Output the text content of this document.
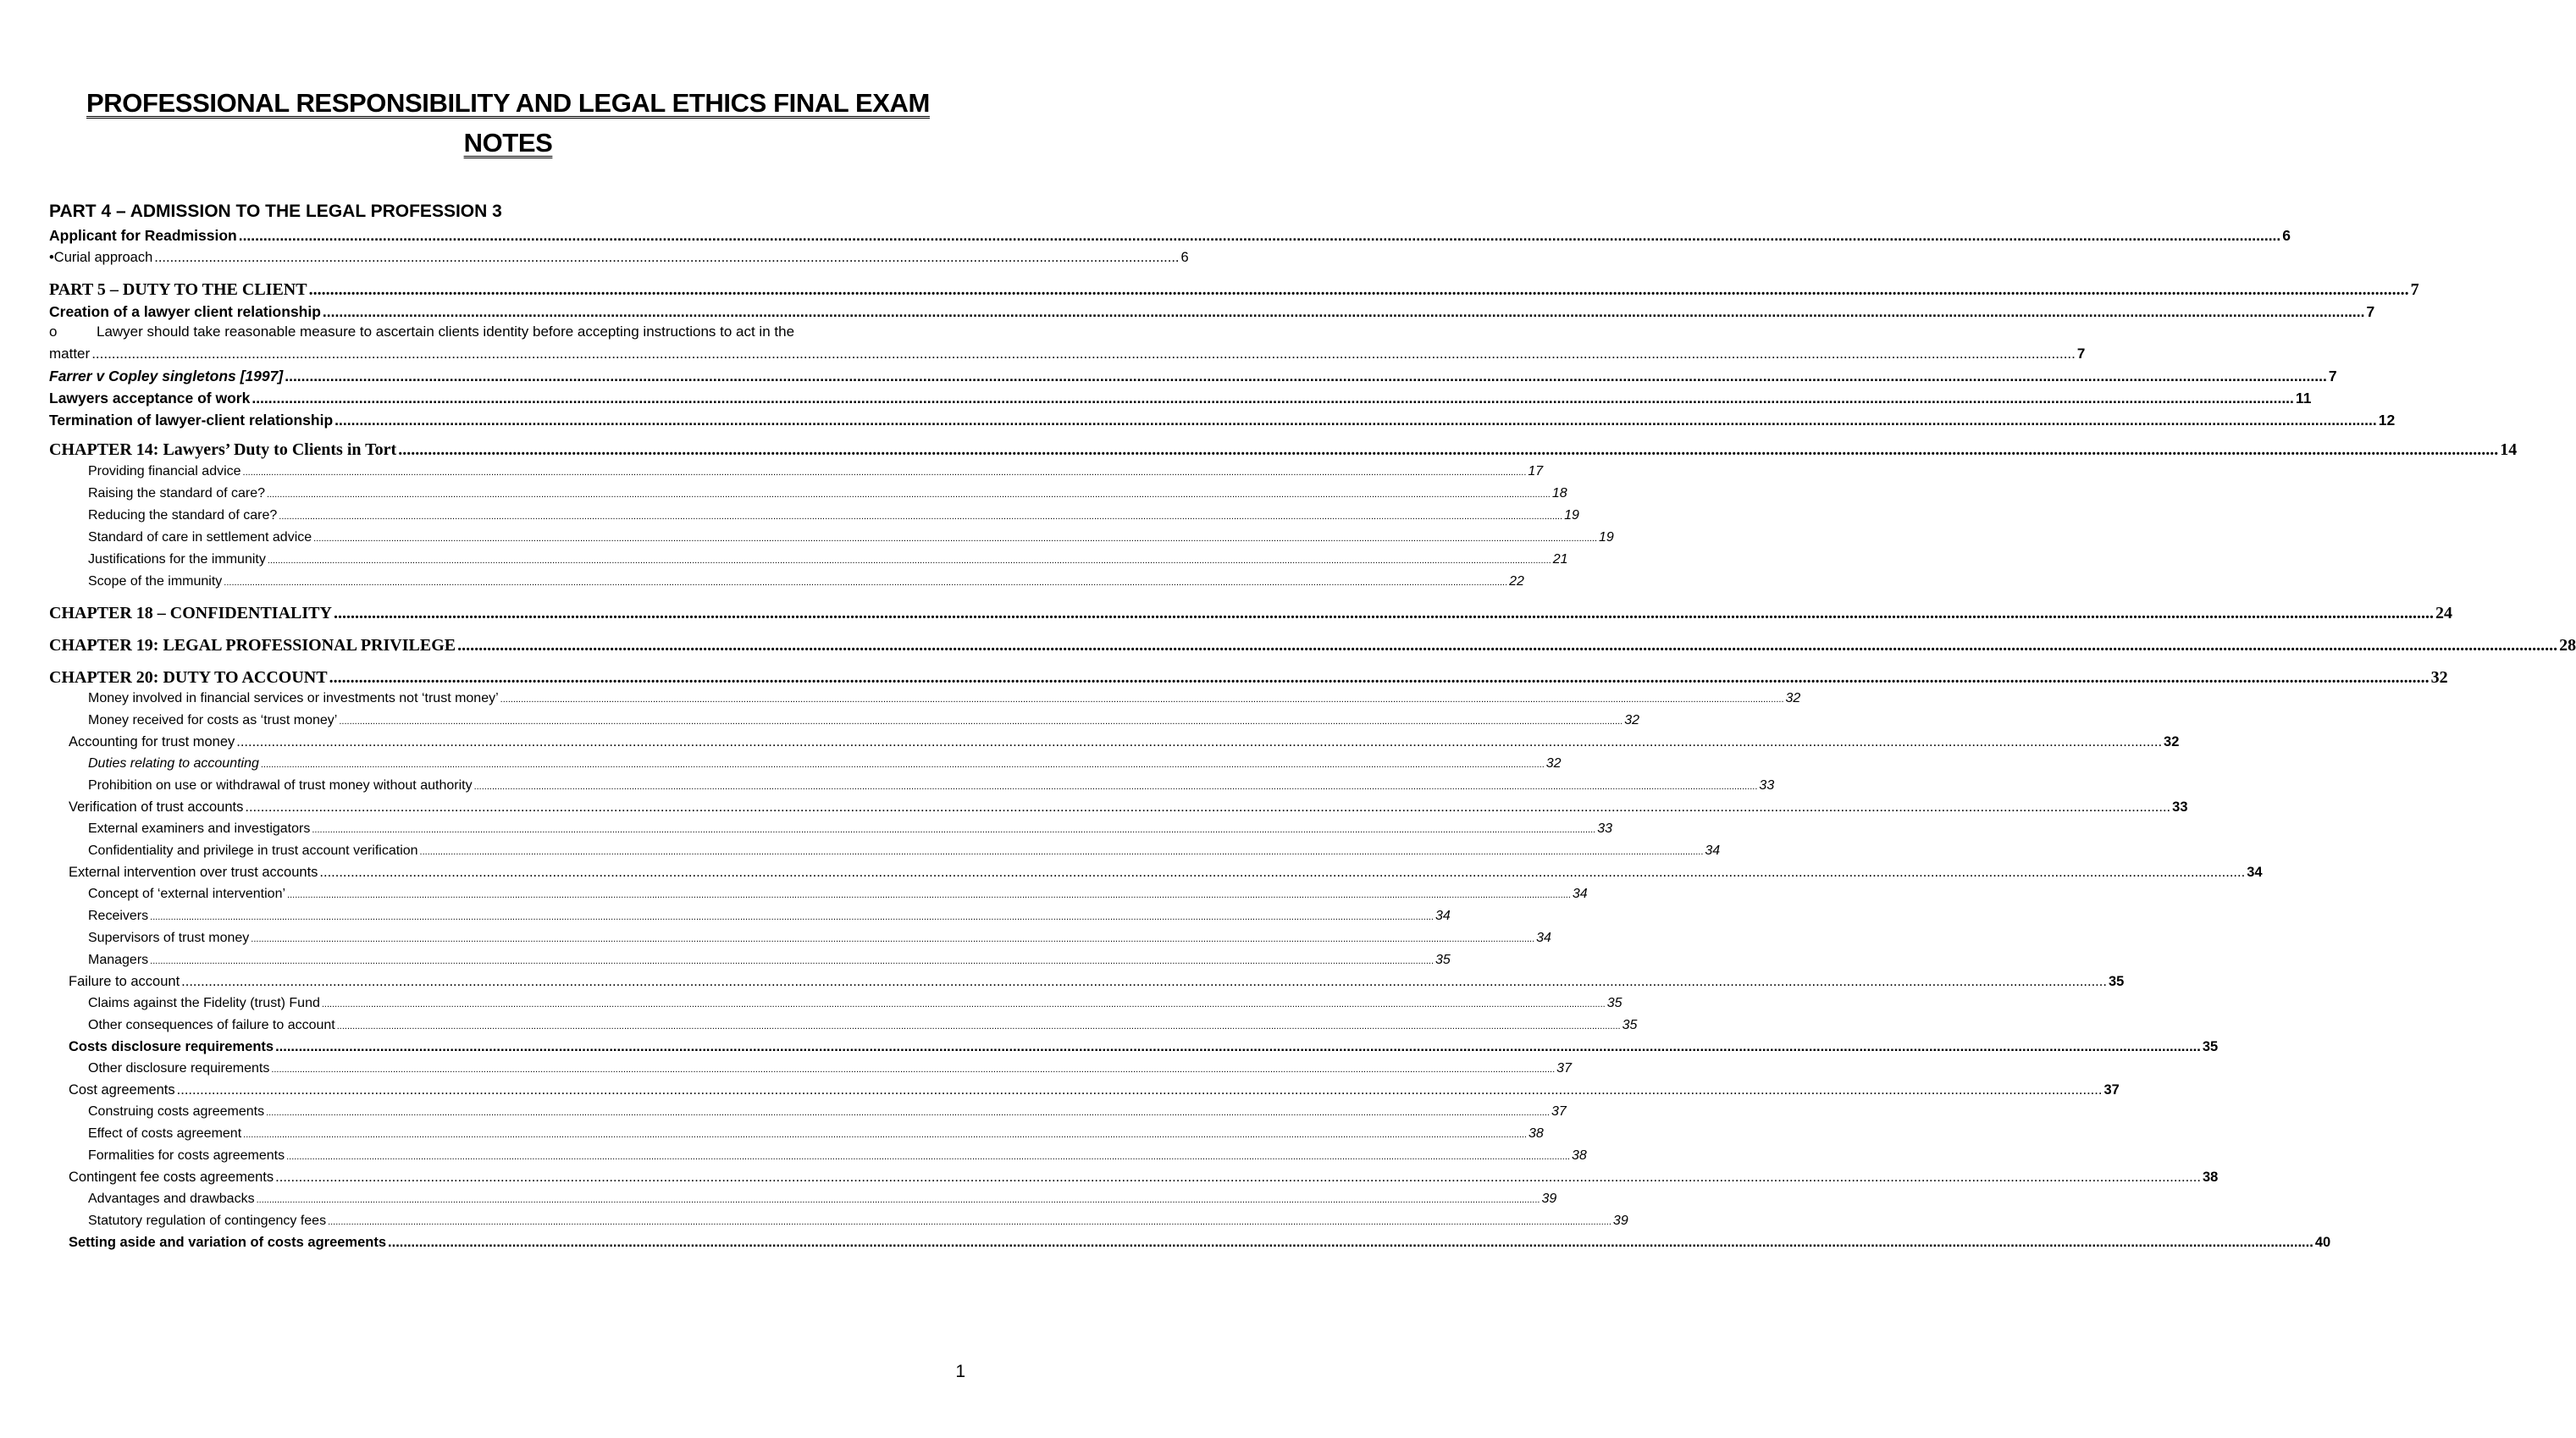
PROFESSIONAL RESPONSIBILITY AND LEGAL ETHICS FINAL EXAM NOTES
PART 4 – ADMISSION TO THE LEGAL PROFESSION 3
Applicant for Readmission .....	6
• Curial approach ........................................................................................................................................................................................................................................................................ 6
PART 5 – DUTY TO THE CLIENT .....	7
Creation of a lawyer client relationship .....	7
o	Lawyer should take reasonable measure to ascertain clients identity before accepting instructions to act in the
matter .....	7
Farrer v Copley singletons [1997] .....	7
Lawyers acceptance of work .....	11
Termination of lawyer-client relationship .....	12
CHAPTER 14: Lawyers’ Duty to Clients in Tort .....	14
Providing financial advice .....	17
Raising the standard of care? .....	18
Reducing the standard of care? .....	19
Standard of care in settlement advice .....	19
Justifications for the immunity .....	21
Scope of the immunity .....	22
CHAPTER 18 – CONFIDENTIALITY .....	24
CHAPTER 19: LEGAL PROFESSIONAL PRIVILEGE .....	28
CHAPTER 20: DUTY TO ACCOUNT .....	32
Money involved in financial services or investments not ‘trust money’ .....	32
Money received for costs as ‘trust money’ .....	32
Accounting for trust money .....	32
Duties relating to accounting .....	32
Prohibition on use or withdrawal of trust money without authority .....	33
Verification of trust accounts .....	33
External examiners and investigators .....	33
Confidentiality and privilege in trust account verification .....	34
External intervention over trust accounts .....	34
Concept of ‘external intervention’ .....	34
Receivers .....	34
Supervisors of trust money .....	34
Managers .....	35
Failure to account .....	35
Claims against the Fidelity (trust) Fund .....	35
Other consequences of failure to account .....	35
Costs disclosure requirements .....	35
Other disclosure requirements .....	37
Cost agreements .....	37
Construing costs agreements .....	37
Effect of costs agreement .....	38
Formalities for costs agreements .....	38
Contingent fee costs agreements .....	38
Advantages and drawbacks .....	39
Statutory regulation of contingency fees .....	39
Setting aside and variation of costs agreements .....	40
1
